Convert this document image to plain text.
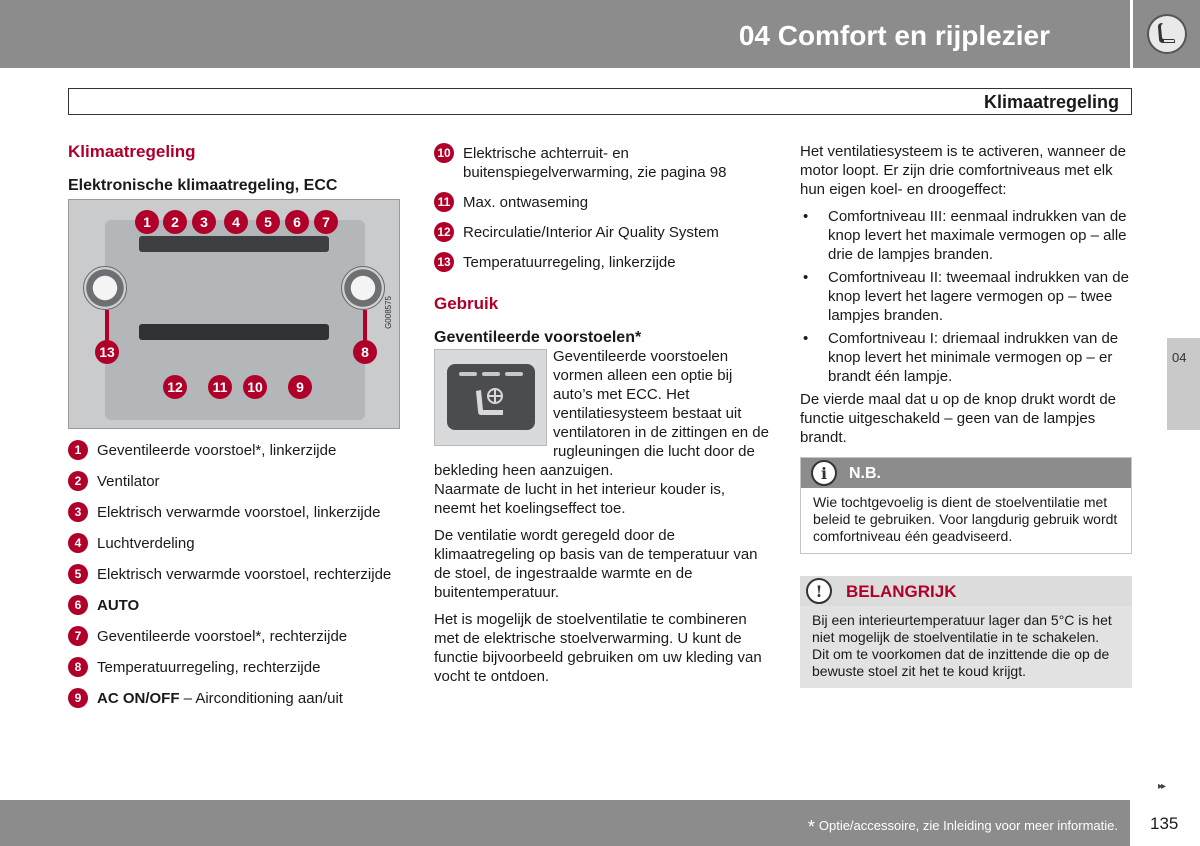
04 Comfort en rijplezier
Klimaatregeling
Klimaatregeling
Elektronische klimaatregeling, ECC
1	2	3	4	5	6	7
13	8
12	11	10	9
G008575
1	Geventileerde voorstoel*, linkerzijde
2	Ventilator
3	Elektrisch verwarmde voorstoel, linkerzijde
4	Luchtverdeling
5	Elektrisch verwarmde voorstoel, rechterzijde
6	AUTO
7	Geventileerde voorstoel*, rechterzijde
8	Temperatuurregeling, rechterzijde
9	AC ON/OFF – Airconditioning aan/uit
10 Elektrische achterruit- en buitenspiegelverwarming, zie pagina 98
11 Max. ontwaseming
12 Recirculatie/Interior Air Quality System
13 Temperatuurregeling, linkerzijde
Gebruik
Geventileerde voorstoelen*
Geventileerde voorstoelen vormen alleen een optie bij auto’s met ECC. Het ventilatiesysteem bestaat uit ventilatoren in de zittingen en de rugleuningen die lucht door de bekleding heen aanzuigen.
Naarmate de lucht in het interieur kouder is, neemt het koelingseffect toe.
De ventilatie wordt geregeld door de klimaatregeling op basis van de temperatuur van de stoel, de ingestraalde warmte en de buitentemperatuur.
Het is mogelijk de stoelventilatie te combineren met de elektrische stoelverwarming. U kunt de functie bijvoorbeeld gebruiken om uw kleding van vocht te ontdoen.
Het ventilatiesysteem is te activeren, wanneer de motor loopt. Er zijn drie comfortniveaus met elk hun eigen koel- en droogeffect:
• Comfortniveau III: eenmaal indrukken van de knop levert het maximale vermogen op – alle drie de lampjes branden.
• Comfortniveau II: tweemaal indrukken van de knop levert het lagere vermogen op – twee lampjes branden.
• Comfortniveau I: driemaal indrukken van de knop levert het minimale vermogen op – er brandt één lampje.
De vierde maal dat u op de knop drukt wordt de functie uitgeschakeld – geen van de lampjes brandt.
i	N.B.
Wie tochtgevoelig is dient de stoelventilatie met beleid te gebruiken. Voor langdurig gebruik wordt comfortniveau één geadviseerd.
!	BELANGRIJK
Bij een interieurtemperatuur lager dan 5°C is het niet mogelijk de stoelventilatie in te schakelen. Dit om te voorkomen dat de inzittende die op de bewuste stoel zit het te koud krijgt.
04
▸▸
* Optie/accessoire, zie Inleiding voor meer informatie. 135
